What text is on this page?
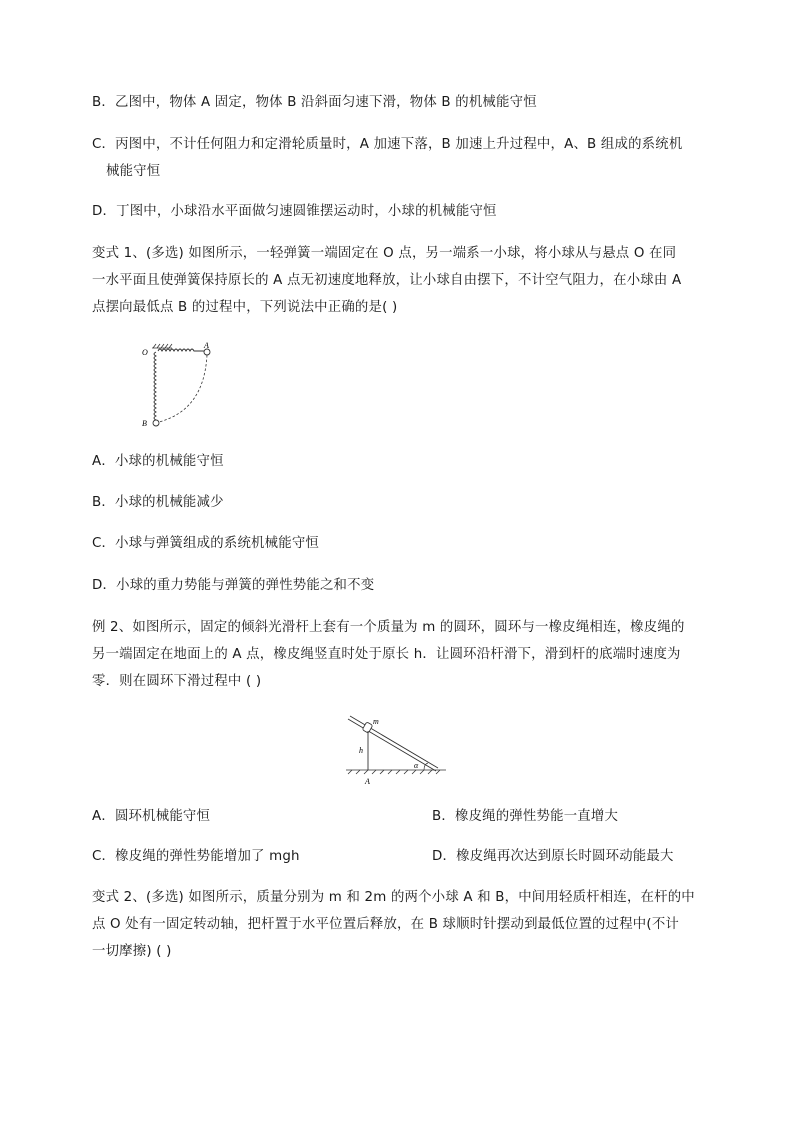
B．乙图中，物体 A 固定，物体 B 沿斜面匀速下滑，物体 B 的机械能守恒
C．丙图中，不计任何阻力和定滑轮质量时，A 加速下落，B 加速上升过程中，A、B 组成的系统机
械能守恒
D．丁图中，小球沿水平面做匀速圆锥摆运动时，小球的机械能守恒
变式 1、(多选) 如图所示，一轻弹簧一端固定在 O 点，另一端系一小球，将小球从与悬点 O 在同
一水平面且使弹簧保持原长的 A 点无初速度地释放，让小球自由摆下，不计空气阻力，在小球由 A
点摆向最低点 B 的过程中，下列说法中正确的是( )
O
A
B
A．小球的机械能守恒
B．小球的机械能减少
C．小球与弹簧组成的系统机械能守恒
D．小球的重力势能与弹簧的弹性势能之和不变
例 2、如图所示，固定的倾斜光滑杆上套有一个质量为 m 的圆环，圆环与一橡皮绳相连，橡皮绳的
另一端固定在地面上的 A 点，橡皮绳竖直时处于原长 h．让圆环沿杆滑下，滑到杆的底端时速度为
零．则在圆环下滑过程中 ( )
m
h
A
α
A．圆环机械能守恒	B．橡皮绳的弹性势能一直增大
C．橡皮绳的弹性势能增加了 mgh	D．橡皮绳再次达到原长时圆环动能最大
变式 2、(多选) 如图所示，质量分别为 m 和 2m 的两个小球 A 和 B，中间用轻质杆相连，在杆的中
点 O 处有一固定转动轴，把杆置于水平位置后释放，在 B 球顺时针摆动到最低位置的过程中(不计
一切摩擦) ( )
